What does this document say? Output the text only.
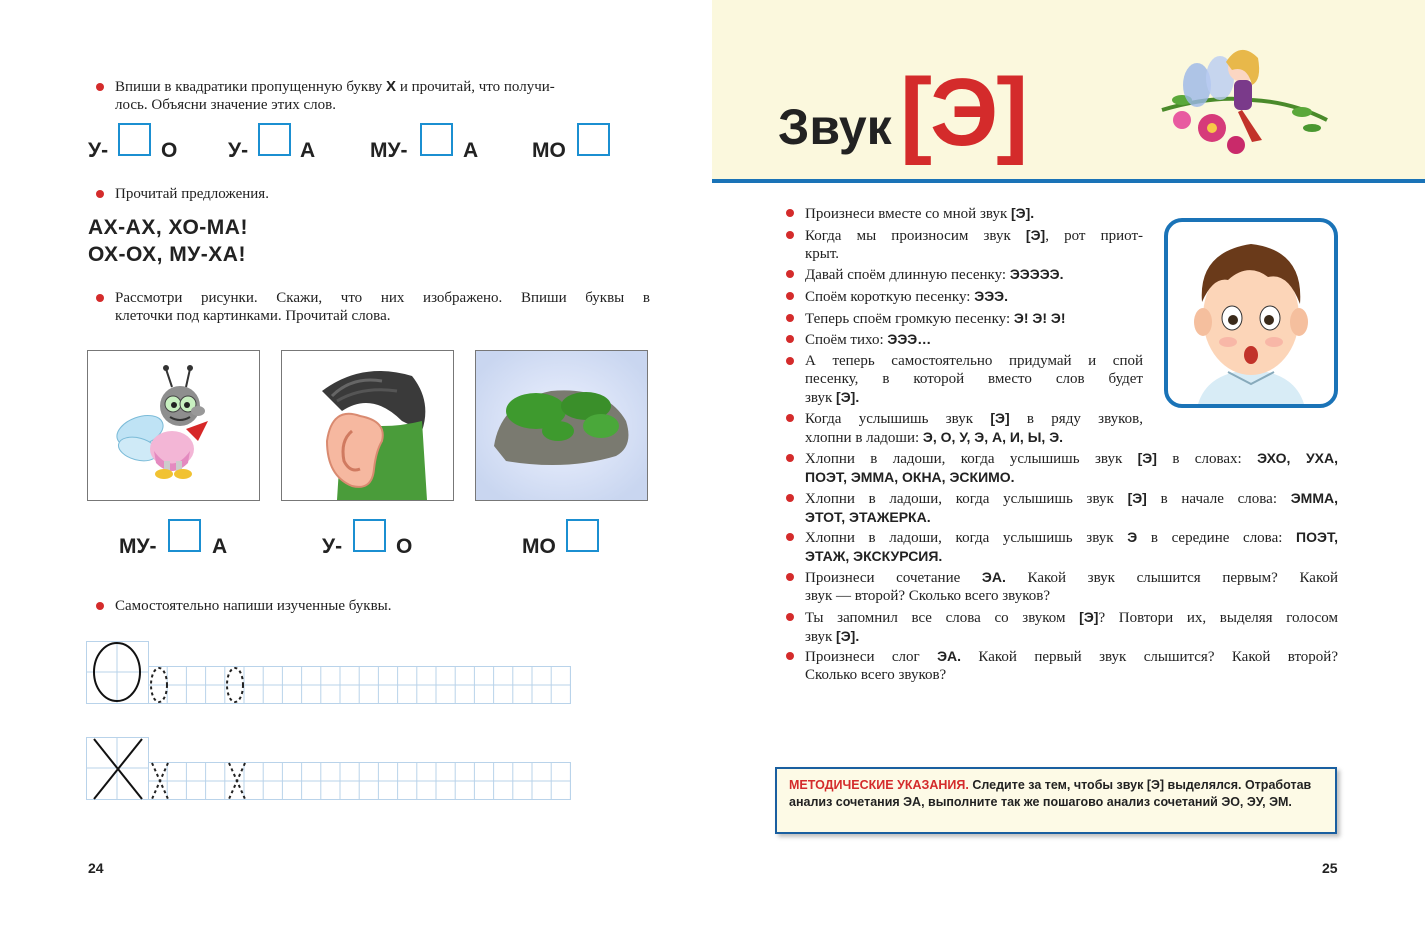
Впиши в квадратики пропущенную букву Х и прочитай, что получи-
лось. Объясни значение этих слов.
У-	О У- А	МУ-	А	МО
Прочитай предложения.
АХ-АХ, ХО-МА!
ОХ-ОХ, МУ-ХА!
Рассмотри рисунки. Скажи, что них изображено. Впиши буквы в
клеточки под картинками. Прочитай слова.
МУ-	А	У-	О	МО
Самостоятельно напиши изученные буквы.
24
Звук [Э]
Произнеси вместе со мной звук [Э].
Когда мы произносим звук [Э], рот приот-
крыт.
Давай споём длинную песенку: ЭЭЭЭЭ.
Споём короткую песенку: ЭЭЭ.
Теперь споём громкую песенку: Э! Э! Э!
Споём тихо: ЭЭЭ…
А теперь самостоятельно придумай и спой
песенку, в которой вместо слов будет
звук [Э].
Когда услышишь звук [Э] в ряду звуков,
хлопни в ладоши: Э, О, У, Э, А, И, Ы, Э.
Хлопни в ладоши, когда услышишь звук [Э] в словах: ЭХО, УХА,
ПОЭТ, ЭММА, ОКНА, ЭСКИМО.
Хлопни в ладоши, когда услышишь звук [Э] в начале слова: ЭММА,
ЭТОТ, ЭТАЖЕРКА.
Хлопни в ладоши, когда услышишь звук Э в середине слова: ПОЭТ,
ЭТАЖ, ЭКСКУРСИЯ.
Произнеси сочетание ЭА. Какой звук слышится первым? Какой
звук — второй? Сколько всего звуков?
Ты запомнил все слова со звуком [Э]? Повтори их, выделяя голосом
звук [Э].
Произнеси слог ЭА. Какой первый звук слышится? Какой второй?
Сколько всего звуков?
МЕТОДИЧЕСКИЕ УКАЗАНИЯ. Следите за тем, чтобы звук [Э] выделялся. Отработав
анализ сочетания ЭА, выполните так же пошагово анализ сочетаний ЭО, ЭУ, ЭМ.
25
